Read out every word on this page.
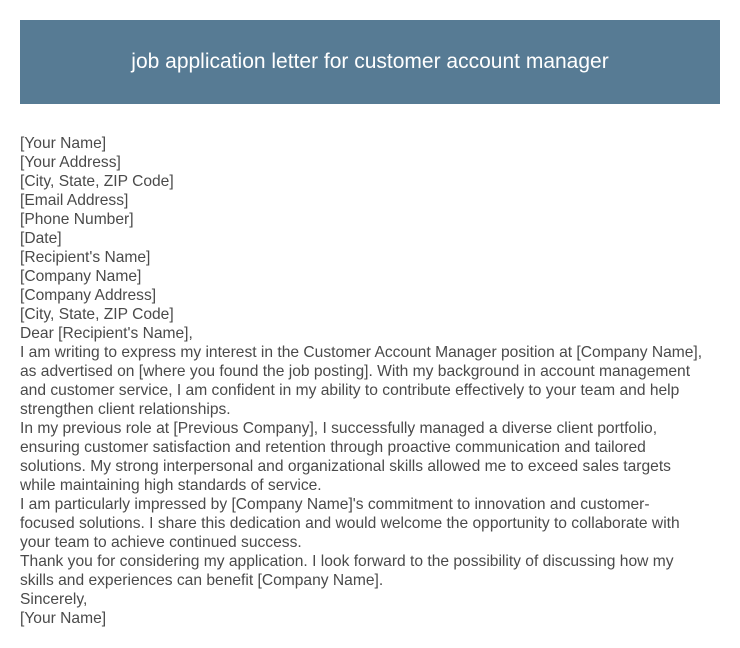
job application letter for customer account manager
[Your Name]
[Your Address]
[City, State, ZIP Code]
[Email Address]
[Phone Number]
[Date]
[Recipient's Name]
[Company Name]
[Company Address]
[City, State, ZIP Code]
Dear [Recipient's Name],
I am writing to express my interest in the Customer Account Manager position at [Company Name],
as advertised on [where you found the job posting]. With my background in account management
and customer service, I am confident in my ability to contribute effectively to your team and help
strengthen client relationships.
In my previous role at [Previous Company], I successfully managed a diverse client portfolio,
ensuring customer satisfaction and retention through proactive communication and tailored
solutions. My strong interpersonal and organizational skills allowed me to exceed sales targets
while maintaining high standards of service.
I am particularly impressed by [Company Name]'s commitment to innovation and customer-
focused solutions. I share this dedication and would welcome the opportunity to collaborate with
your team to achieve continued success.
Thank you for considering my application. I look forward to the possibility of discussing how my
skills and experiences can benefit [Company Name].
Sincerely,
[Your Name]
